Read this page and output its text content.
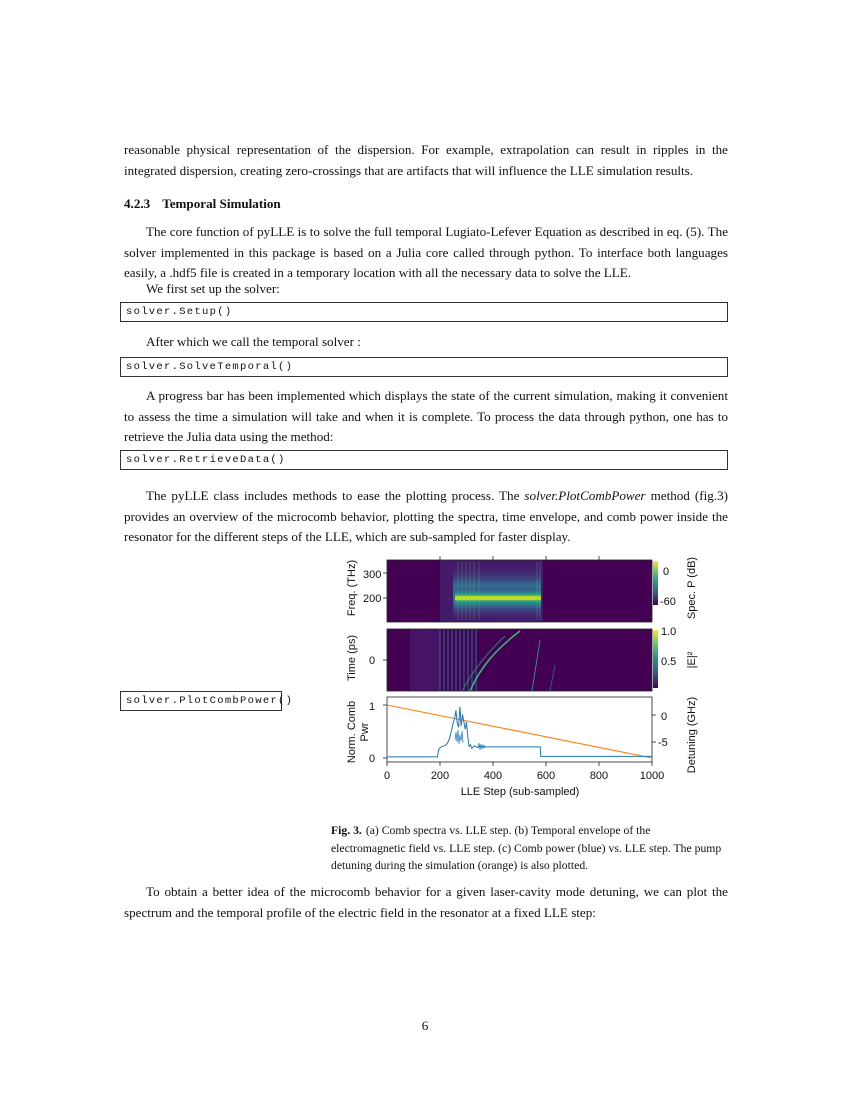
reasonable physical representation of the dispersion. For example, extrapolation can result in ripples in the integrated dispersion, creating zero-crossings that are artifacts that will influence the LLE simulation results.

4.2.3 Temporal Simulation

The core function of pyLLE is to solve the full temporal Lugiato-Lefever Equation as described in eq. (5). The solver implemented in this package is based on a Julia core called through python. To interface both languages easily, a .hdf5 file is created in a temporary location with all the necessary data to solve the LLE.

We first set up the solver:

solver.Setup()

After which we call the temporal solver :

solver.SolveTemporal()

A progress bar has been implemented which displays the state of the current simulation, making it convenient to assess the time a simulation will take and when it is complete. To process the data through python, one has to retrieve the Julia data using the method:

solver.RetrieveData()

The pyLLE class includes methods to ease the plotting process. The solver.PlotCombPower method (fig.3) provides an overview of the microcomb behavior, plotting the spectra, time envelope, and comb power inside the resonator for the different steps of the LLE, which are sub-sampled for faster display.

solver.PlotCombPower()
300
200
0
1
0
0
-60
1.0
0.5
0
-5
0	200	400	600	800	1000
LLE Step (sub-sampled)
Freq. (THz)
Time (ps)
Norm. Comb Pwr
Spec. P (dB)
|E|²
Detuning (GHz)

Fig. 3. (a) Comb spectra vs. LLE step. (b) Temporal envelope of the electromagnetic field vs. LLE step. (c) Comb power (blue) vs. LLE step. The pump detuning during the simulation (orange) is also plotted.

To obtain a better idea of the microcomb behavior for a given laser-cavity mode detuning, we can plot the spectrum and the temporal profile of the electric field in the resonator at a fixed LLE step:

6
